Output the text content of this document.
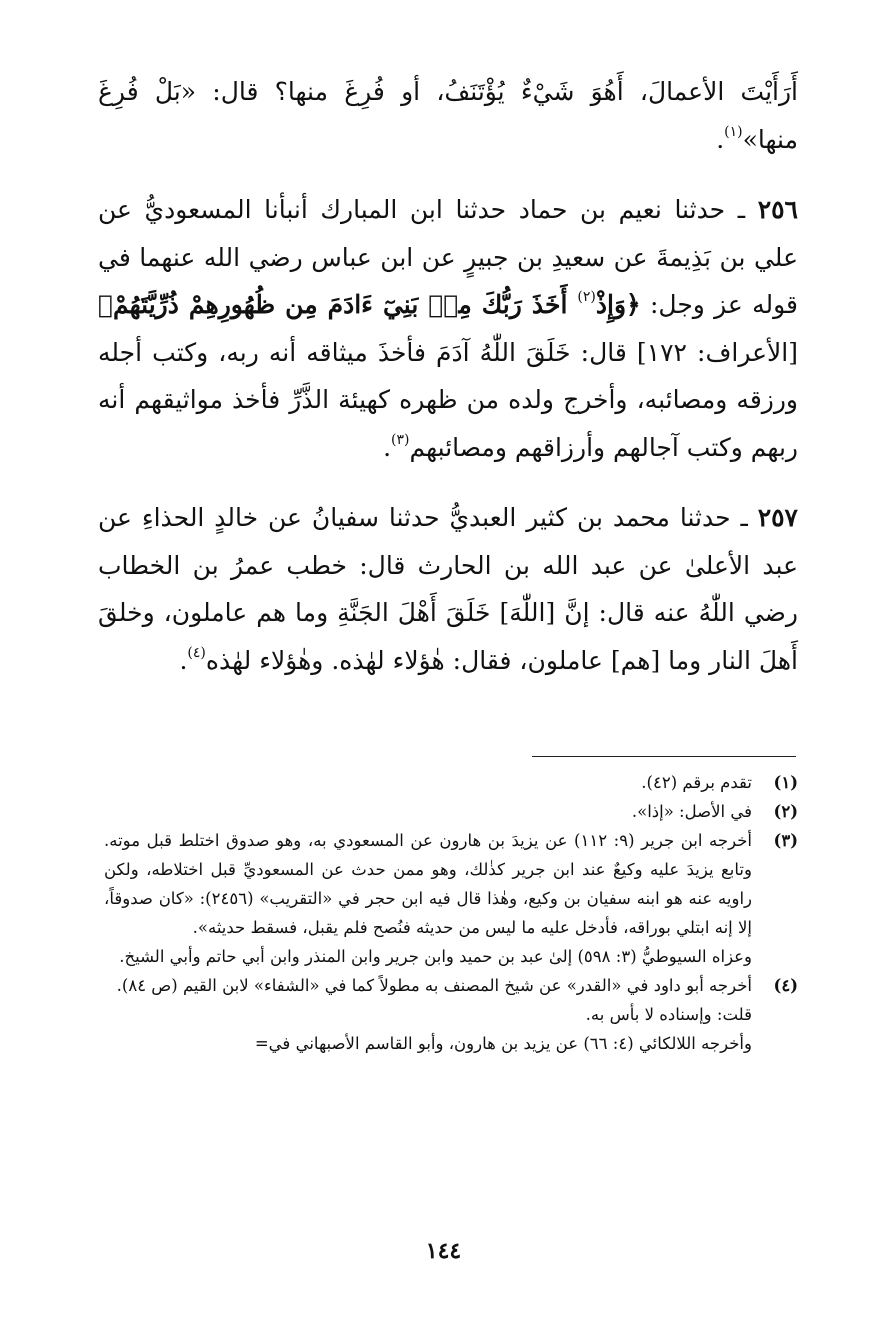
أَرَأَيْتَ الأعمالَ، أَهُوَ شَيْءٌ يُؤْتَنَفُ، أو فُرِغَ منها؟ قال: «بَلْ فُرِغَ منها»$^{(١)}$.

٢٥٦ ـ حدثنا نعيم بن حماد حدثنا ابن المبارك أنبأنا المسعوديُّ عن علي بن بَذِيمةَ عن سعيدِ بن جبيرٍ عن ابن عباس رضي الله عنهما في قوله عز وجل: ﴿وَإِذْ$^{(٢)}$ أَخَذَ رَبُّكَ مِنۢ بَنِيٓ ءَادَمَ مِن ظُهُورِهِمْ ذُرِّيَّتَهُمْ﴾ [الأعراف: ١٧٢] قال: خَلَقَ اللّٰهُ آدَمَ فأخذَ ميثاقه أنه ربه، وكتب أجله ورزقه ومصائبه، وأخرج ولده من ظهره كهيئة الذَّرِّ فأخذ مواثيقهم أنه ربهم وكتب آجالهم وأرزاقهم ومصائبهم$^{(٣)}$.

٢٥٧ ـ حدثنا محمد بن كثير العبديُّ حدثنا سفيانُ عن خالدٍ الحذاءِ عن عبد الأعلىٰ عن عبد الله بن الحارث قال: خطب عمرُ بن الخطاب رضي اللّٰهُ عنه قال: إنَّ [اللّٰهَ] خَلَقَ أَهْلَ الجَنَّةِ وما هم عاملون، وخلقَ أَهلَ النار وما [هم] عاملون، فقال: هٰؤلاء لهٰذه. وهٰؤلاء لهٰذه$^{(٤)}$.

(١)

تقدم برقم (٤٢).

(٢)

في الأصل: «إذا».

(٣)

أخرجه ابن جرير (٩: ١١٢) عن يزيدَ بن هارون عن المسعودي به، وهو صدوق اختلط قبل موته. وتابع يزيدَ عليه وكيعٌ عند ابن جرير كذٰلك، وهو ممن حدث عن المسعوديِّ قبل اختلاطه، ولكن راويه عنه هو ابنه سفيان بن وكيع، وهٰذا قال فيه ابن حجر في «التقريب» (٢٤٥٦): «كان صدوقاً، إلا إنه ابتلي بوراقه، فأدخل عليه ما ليس من حديثه فنُصح فلم يقبل، فسقط حديثه».

وعزاه السيوطيُّ (٣: ٥٩٨) إلىٰ عبد بن حميد وابن جرير وابن المنذر وابن أبي حاتم وأبي الشيخ.

(٤)

أخرجه أبو داود في «القدر» عن شيخ المصنف به مطولاً كما في «الشفاء» لابن القيم (ص ٨٤).

قلت: وإسناده لا بأس به.

وأخرجه اللالكائي (٤: ٦٦) عن يزيد بن هارون، وأبو القاسم الأصبهاني في=

١٤٤
